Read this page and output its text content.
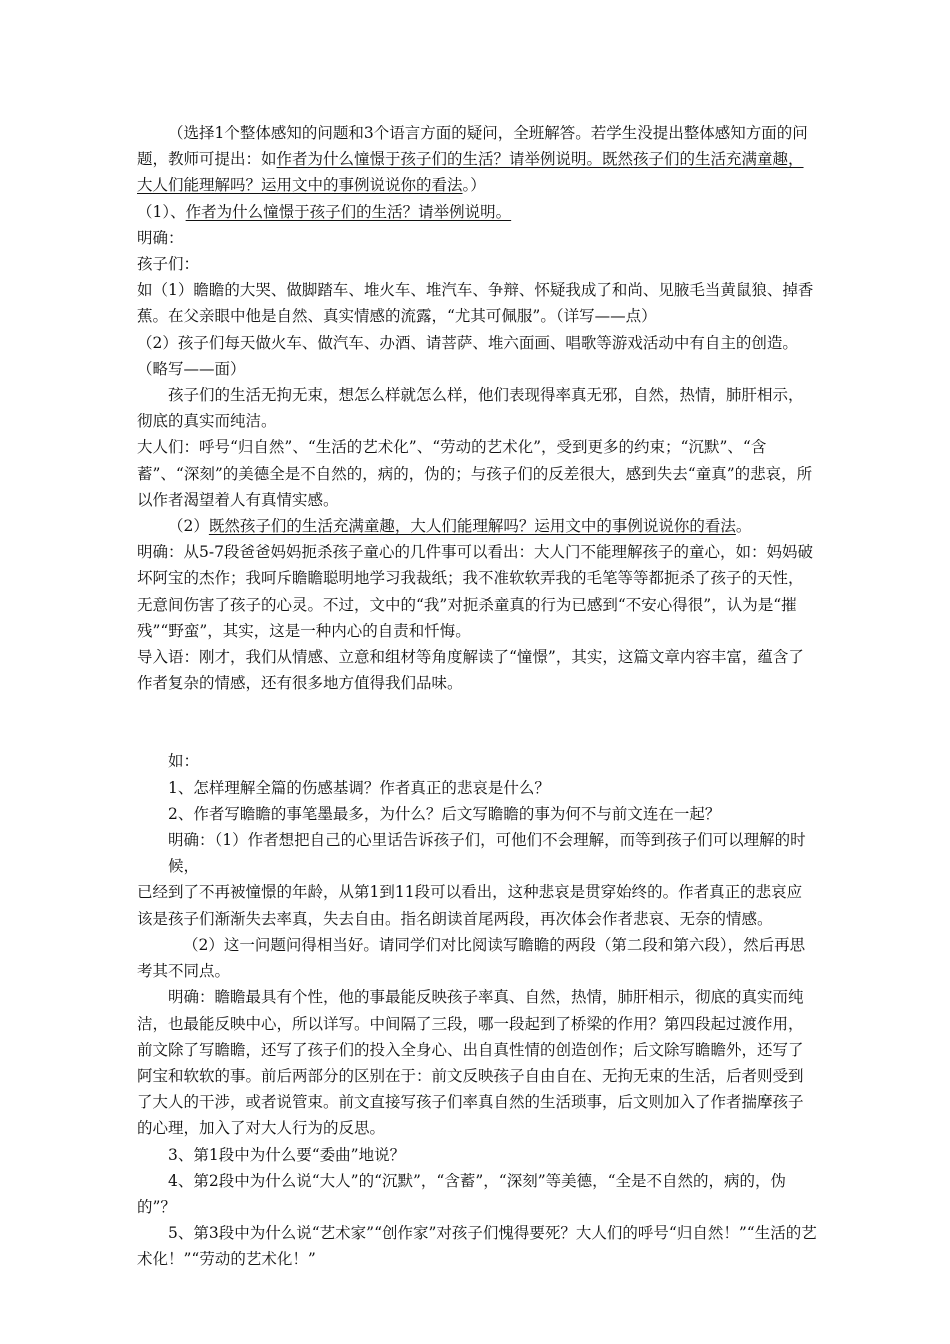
（选择1个整体感知的问题和3个语言方面的疑问，全班解答。若学生没提出整体感知方面的问题，教师可提出：如作者为什么憧憬于孩子们的生活？请举例说明。既然孩子们的生活充满童趣，大人们能理解吗？运用文中的事例说说你的看法。）

（1）、作者为什么憧憬于孩子们的生活？请举例说明。

明确：

孩子们：

如（1）瞻瞻的大哭、做脚踏车、堆火车、堆汽车、争辩、怀疑我成了和尚、见腋毛当黄鼠狼、掉香蕉。在父亲眼中他是自然、真实情感的流露，“尤其可佩服”。（详写——点）

（2）孩子们每天做火车、做汽车、办酒、请菩萨、堆六面画、唱歌等游戏活动中有自主的创造。（略写——面）

孩子们的生活无拘无束，想怎么样就怎么样，他们表现得率真无邪，自然，热情，肺肝相示，彻底的真实而纯洁。

大人们：呼号“归自然”、“生活的艺术化”、“劳动的艺术化”，受到更多的约束；“沉默”、“含蓄”、“深刻”的美德全是不自然的，病的，伪的；与孩子们的反差很大，感到失去“童真”的悲哀，所以作者渴望着人有真情实感。

（2）既然孩子们的生活充满童趣，大人们能理解吗？运用文中的事例说说你的看法。

明确：从5-7段爸爸妈妈扼杀孩子童心的几件事可以看出：大人门不能理解孩子的童心，如：妈妈破坏阿宝的杰作；我呵斥瞻瞻聪明地学习我裁纸；我不准软软弄我的毛笔等等都扼杀了孩子的天性，无意间伤害了孩子的心灵。不过，文中的“我”对扼杀童真的行为已感到“不安心得很”，认为是“摧残”“野蛮”，其实，这是一种内心的自责和忏悔。

导入语：刚才，我们从情感、立意和组材等角度解读了“憧憬”，其实，这篇文章内容丰富，蕴含了作者复杂的情感，还有很多地方值得我们品味。

如：

1、怎样理解全篇的伤感基调？作者真正的悲哀是什么？

2、作者写瞻瞻的事笔墨最多，为什么？后文写瞻瞻的事为何不与前文连在一起？

明确：（1）作者想把自己的心里话告诉孩子们，可他们不会理解，而等到孩子们可以理解的时候，

已经到了不再被憧憬的年龄，从第1到11段可以看出，这种悲哀是贯穿始终的。作者真正的悲哀应该是孩子们渐渐失去率真，失去自由。指名朗读首尾两段，再次体会作者悲哀、无奈的情感。

（2）这一问题问得相当好。请同学们对比阅读写瞻瞻的两段（第二段和第六段），然后再思考其不同点。

明确：瞻瞻最具有个性，他的事最能反映孩子率真、自然，热情，肺肝相示，彻底的真实而纯洁，也最能反映中心，所以详写。中间隔了三段，哪一段起到了桥梁的作用？第四段起过渡作用，前文除了写瞻瞻，还写了孩子们的投入全身心、出自真性情的创造创作；后文除写瞻瞻外，还写了阿宝和软软的事。前后两部分的区别在于：前文反映孩子自由自在、无拘无束的生活，后者则受到了大人的干涉，或者说管束。前文直接写孩子们率真自然的生活琐事，后文则加入了作者揣摩孩子的心理，加入了对大人行为的反思。

3、第1段中为什么要“委曲”地说？

4、第2段中为什么说“大人”的“沉默”，“含蓄”，“深刻”等美德，“全是不自然的，病的，伪的”？

5、第3段中为什么说“艺术家”“创作家”对孩子们愧得要死？大人们的呼号“归自然！”“生活的艺术化！”“劳动的艺术化！”
